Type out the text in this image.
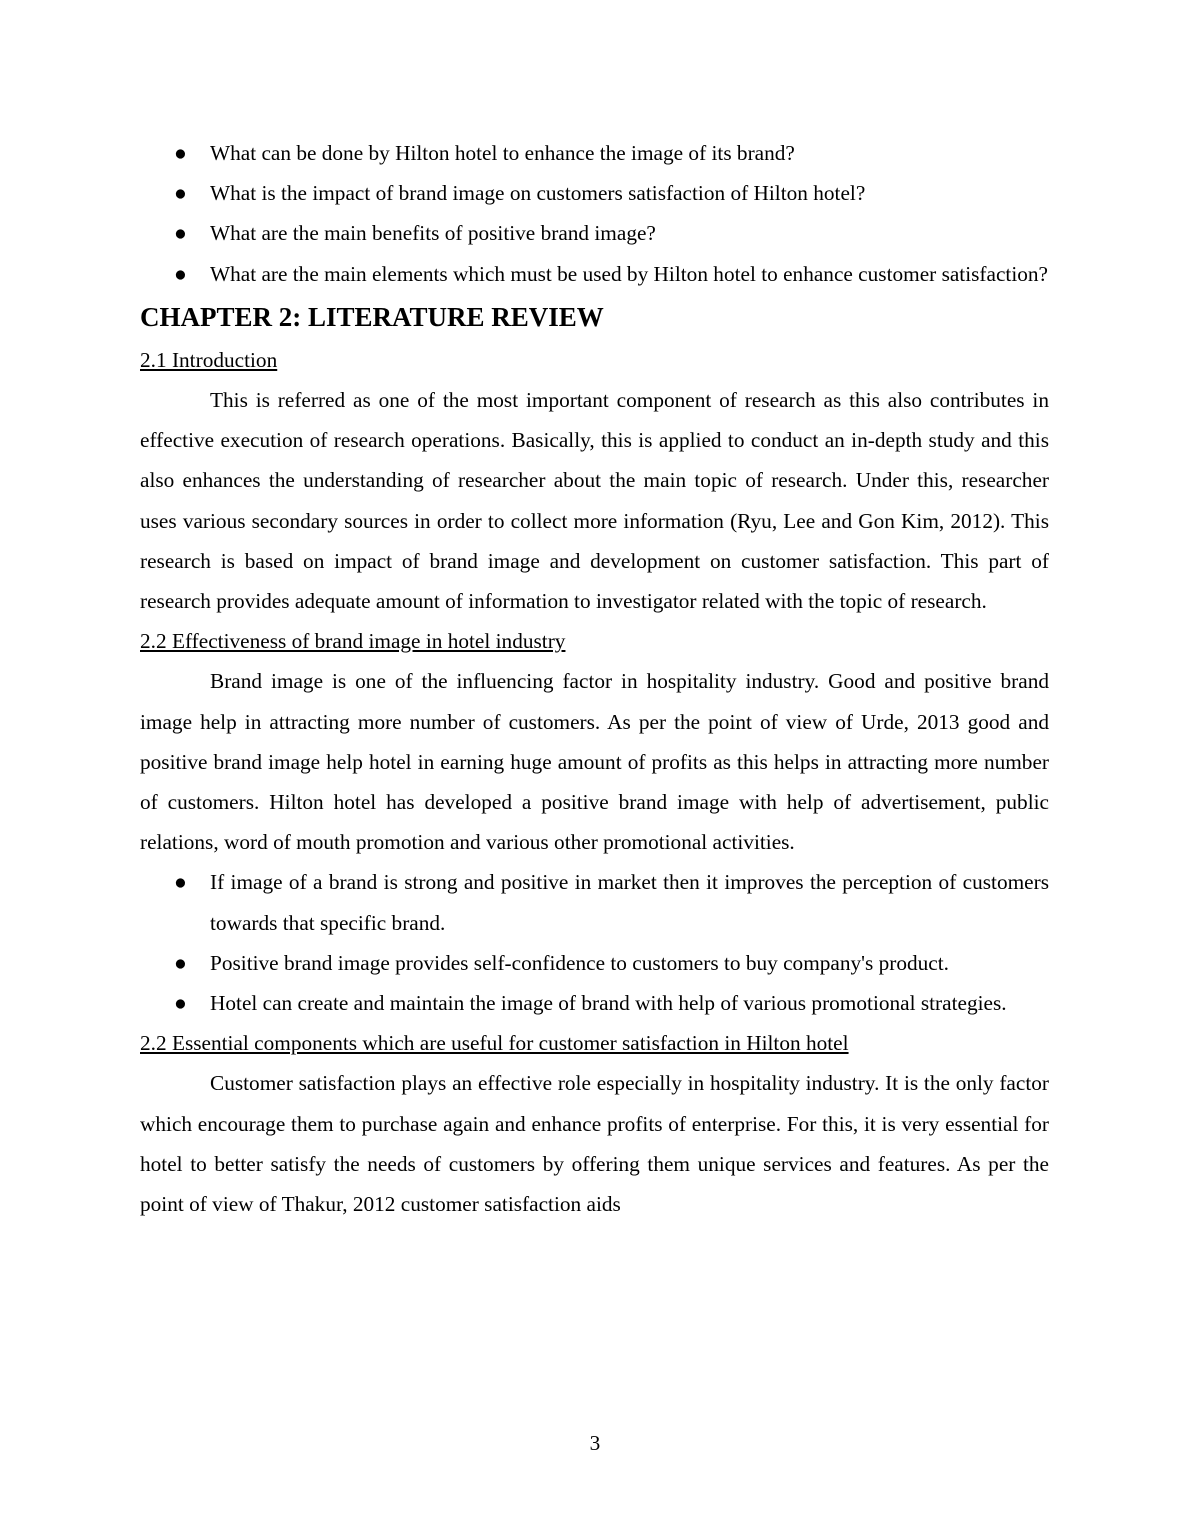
● What can be done by Hilton hotel to enhance the image of its brand?
● What is the impact of brand image on customers satisfaction of Hilton hotel?
● What are the main benefits of positive brand image?
● What are the main elements which must be used by Hilton hotel to enhance customer satisfaction?
CHAPTER 2: LITERATURE REVIEW

2.1 Introduction

This is referred as one of the most important component of research as this also contributes in effective execution of research operations. Basically, this is applied to conduct an in-depth study and this also enhances the understanding of researcher about the main topic of research. Under this, researcher uses various secondary sources in order to collect more information (Ryu, Lee and Gon Kim, 2012). This research is based on impact of brand image and development on customer satisfaction. This part of research provides adequate amount of information to investigator related with the topic of research.

2.2 Effectiveness of brand image in hotel industry

Brand image is one of the influencing factor in hospitality industry. Good and positive brand image help in attracting more number of customers. As per the point of view of Urde, 2013 good and positive brand image help hotel in earning huge amount of profits as this helps in attracting more number of customers. Hilton hotel has developed a positive brand image with help of advertisement, public relations, word of mouth promotion and various other promotional activities.

● If image of a brand is strong and positive in market then it improves the perception of customers towards that specific brand.
● Positive brand image provides self-confidence to customers to buy company's product.
● Hotel can create and maintain the image of brand with help of various promotional strategies.

2.2 Essential components which are useful for customer satisfaction in Hilton hotel

Customer satisfaction plays an effective role especially in hospitality industry. It is the only factor which encourage them to purchase again and enhance profits of enterprise. For this, it is very essential for hotel to better satisfy the needs of customers by offering them unique services and features. As per the point of view of Thakur, 2012 customer satisfaction aids

3
